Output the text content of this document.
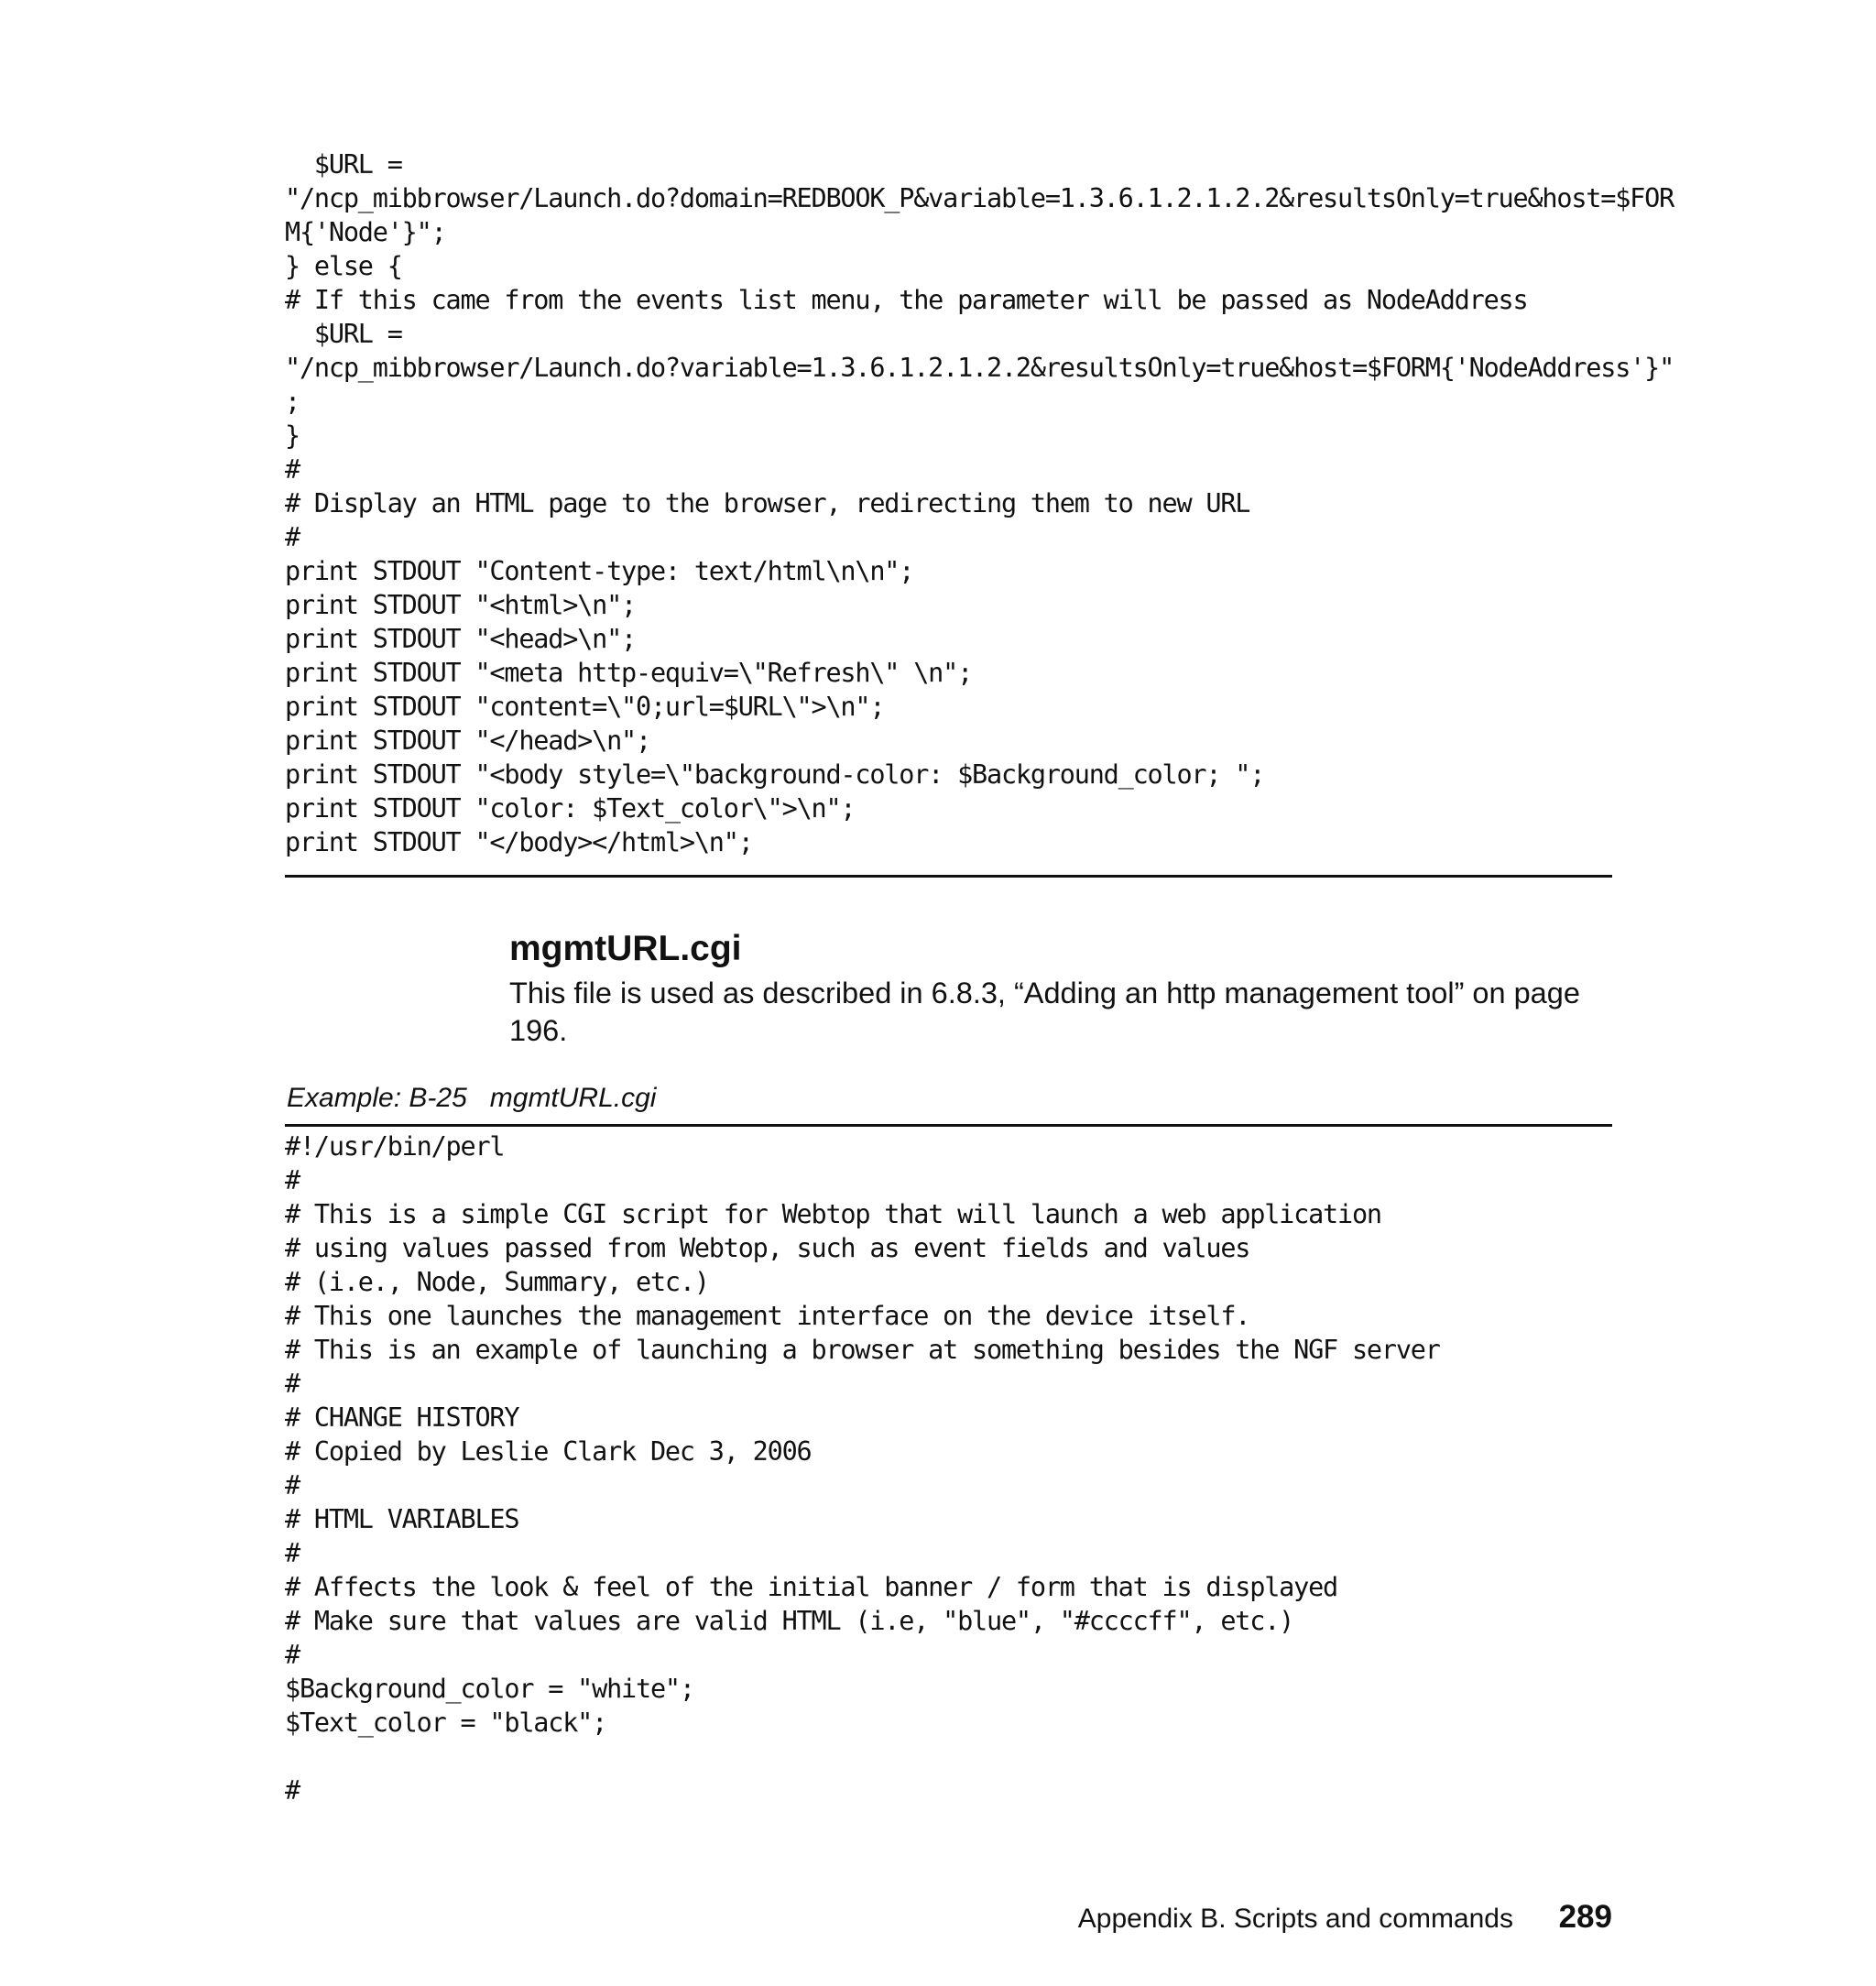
$URL =
"/ncp_mibbrowser/Launch.do?domain=REDBOOK_P&variable=1.3.6.1.2.1.2.2&resultsOnly=true&host=$FOR
M{'Node'}";
} else {
# If this came from the events list menu, the parameter will be passed as NodeAddress
$URL =
"/ncp_mibbrowser/Launch.do?variable=1.3.6.1.2.1.2.2&resultsOnly=true&host=$FORM{'NodeAddress'}"
;
}
#
# Display an HTML page to the browser, redirecting them to new URL
#
print STDOUT "Content-type: text/html\n\n";
print STDOUT "<html>\n";
print STDOUT "<head>\n";
print STDOUT "<meta http-equiv=\"Refresh\" \n";
print STDOUT "content=\"0;url=$URL\">\n";
print STDOUT "</head>\n";
print STDOUT "<body style=\"background-color: $Background_color; ";
print STDOUT "color: $Text_color\">\n";
print STDOUT "</body></html>\n";
mgmtURL.cgi

This file is used as described in 6.8.3, “Adding an http management tool” on page 196.

Example: B-25   mgmtURL.cgi
#!/usr/bin/perl
#
# This is a simple CGI script for Webtop that will launch a web application
# using values passed from Webtop, such as event fields and values
# (i.e., Node, Summary, etc.)
# This one launches the management interface on the device itself.
# This is an example of launching a browser at something besides the NGF server
#
# CHANGE HISTORY
# Copied by Leslie Clark Dec 3, 2006
#
# HTML VARIABLES
#
# Affects the look & feel of the initial banner / form that is displayed
# Make sure that values are valid HTML (i.e, "blue", "#ccccff", etc.)
#
$Background_color = "white";
$Text_color = "black";
#
Appendix B. Scripts and commands 289
